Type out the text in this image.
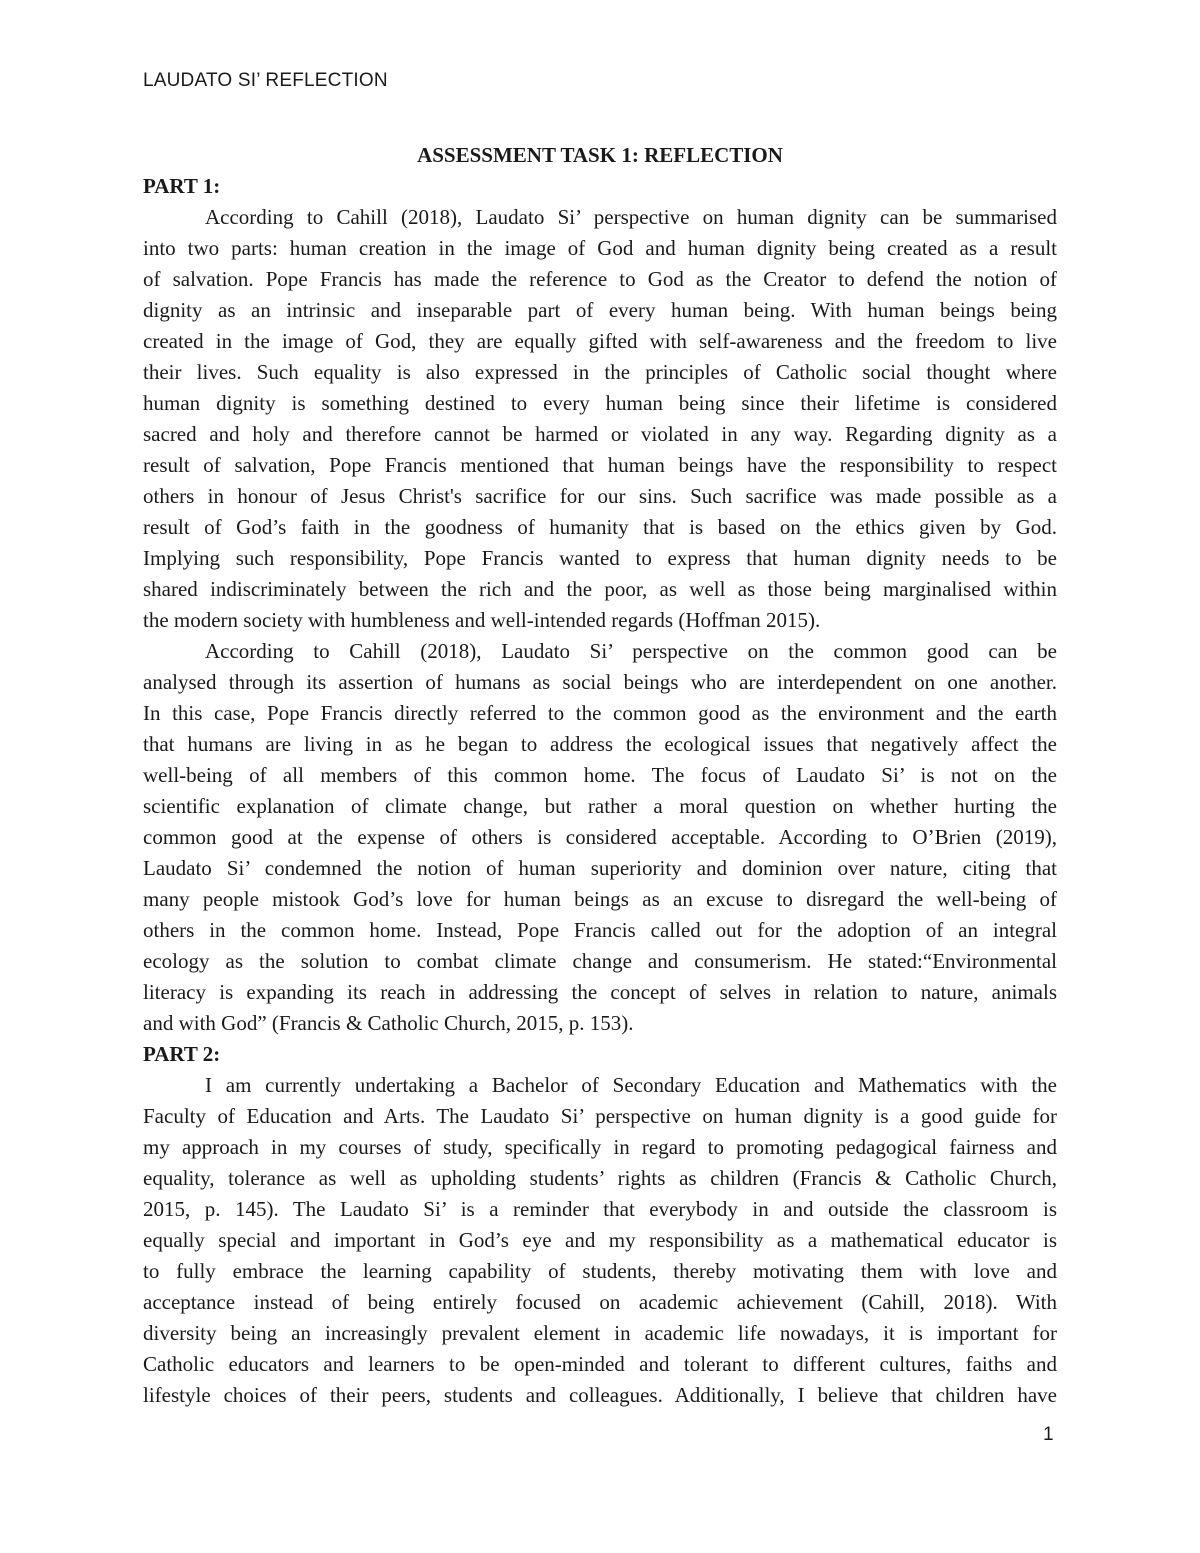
LAUDATO SI’ REFLECTION
ASSESSMENT TASK 1: REFLECTION
PART 1:
According to Cahill (2018), Laudato Si’ perspective on human dignity can be summarised
into two parts: human creation in the image of God and human dignity being created as a result
of salvation. Pope Francis has made the reference to God as the Creator to defend the notion of
dignity as an intrinsic and inseparable part of every human being. With human beings being
created in the image of God, they are equally gifted with self-awareness and the freedom to live
their lives. Such equality is also expressed in the principles of Catholic social thought where
human dignity is something destined to every human being since their lifetime is considered
sacred and holy and therefore cannot be harmed or violated in any way. Regarding dignity as a
result of salvation, Pope Francis mentioned that human beings have the responsibility to respect
others in honour of Jesus Christ's sacrifice for our sins. Such sacrifice was made possible as a
result of God’s faith in the goodness of humanity that is based on the ethics given by God.
Implying such responsibility, Pope Francis wanted to express that human dignity needs to be
shared indiscriminately between the rich and the poor, as well as those being marginalised within
the modern society with humbleness and well-intended regards (Hoffman 2015).
According to Cahill (2018), Laudato Si’ perspective on the common good can be
analysed through its assertion of humans as social beings who are interdependent on one another.
In this case, Pope Francis directly referred to the common good as the environment and the earth
that humans are living in as he began to address the ecological issues that negatively affect the
well-being of all members of this common home. The focus of Laudato Si’ is not on the
scientific explanation of climate change, but rather a moral question on whether hurting the
common good at the expense of others is considered acceptable. According to O’Brien (2019),
Laudato Si’ condemned the notion of human superiority and dominion over nature, citing that
many people mistook God’s love for human beings as an excuse to disregard the well-being of
others in the common home. Instead, Pope Francis called out for the adoption of an integral
ecology as the solution to combat climate change and consumerism. He stated:“Environmental
literacy is expanding its reach in addressing the concept of selves in relation to nature, animals
and with God” (Francis & Catholic Church, 2015, p. 153).
PART 2:
I am currently undertaking a Bachelor of Secondary Education and Mathematics with the
Faculty of Education and Arts. The Laudato Si’ perspective on human dignity is a good guide for
my approach in my courses of study, specifically in regard to promoting pedagogical fairness and
equality, tolerance as well as upholding students’ rights as children (Francis & Catholic Church,
2015, p. 145). The Laudato Si’ is a reminder that everybody in and outside the classroom is
equally special and important in God’s eye and my responsibility as a mathematical educator is
to fully embrace the learning capability of students, thereby motivating them with love and
acceptance instead of being entirely focused on academic achievement (Cahill, 2018). With
diversity being an increasingly prevalent element in academic life nowadays, it is important for
Catholic educators and learners to be open-minded and tolerant to different cultures, faiths and
lifestyle choices of their peers, students and colleagues. Additionally, I believe that children have
1
